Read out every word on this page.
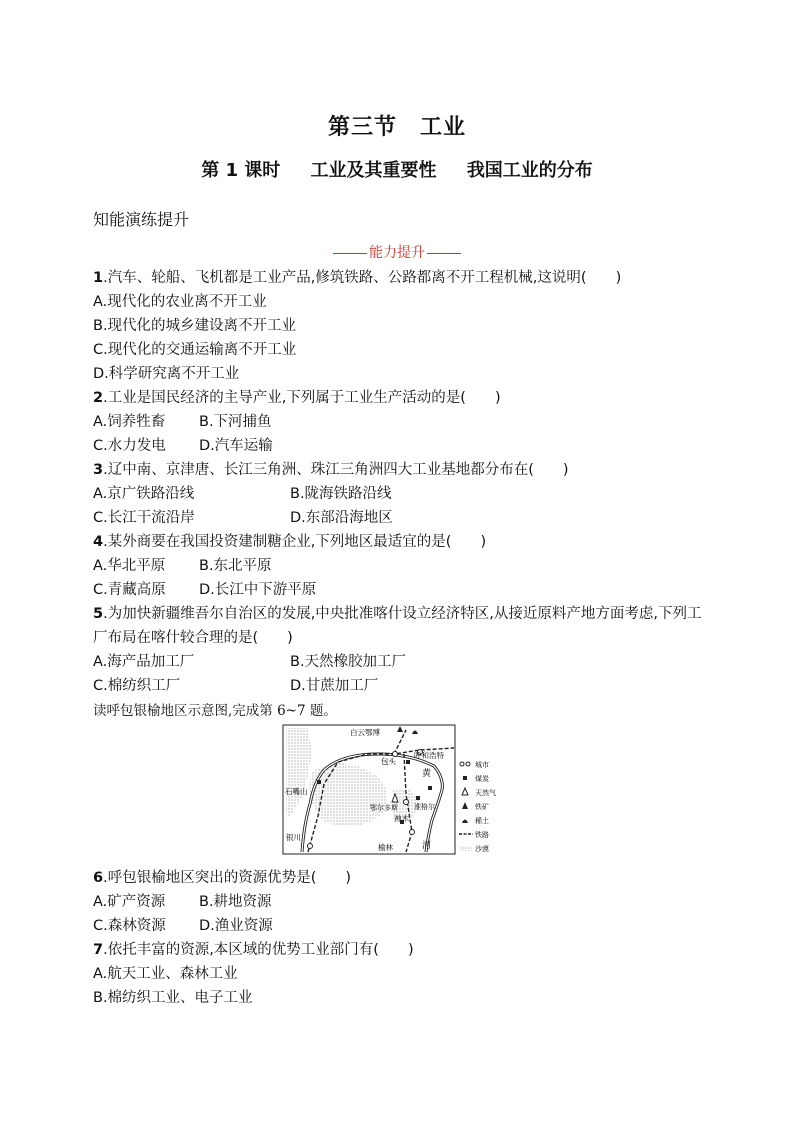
第三节　工业
第 1 课时 工业及其重要性 我国工业的分布
知能演练提升
能力提升

1.汽车、轮船、飞机都是工业产品,修筑铁路、公路都离不开工程机械,这说明(　　)

A.现代化的农业离不开工业
B.现代化的城乡建设离不开工业
C.现代化的交通运输离不开工业
D.科学研究离不开工业

2.工业是国民经济的主导产业,下列属于工业生产活动的是(　　)

A.饲养牲畜	B.下河捕鱼
C.水力发电	D.汽车运输

3.辽中南、京津唐、长江三角洲、珠江三角洲四大工业基地都分布在(　　)

A.京广铁路沿线	B.陇海铁路沿线
C.长江干流沿岸	D.东部沿海地区

4.某外商要在我国投资建制糖企业,下列地区最适宜的是(　　)

A.华北平原	B.东北平原
C.青藏高原	D.长江中下游平原

5.为加快新疆维吾尔自治区的发展,中央批准喀什设立经济特区,从接近原料产地方面考虑,下列工厂布局在喀什较合理的是(　　)

A.海产品加工厂	B.天然橡胶加工厂
C.棉纺织工厂	D.甘蔗加工厂
读呼包银榆地区示意图,完成第 6~7 题。
白云鄂博
呼和浩特
包头
石嘴山
鄂尔多斯 准格尔
神木
银川
榆林
黄
河
城市
煤炭
天然气
铁矿
稀土
铁路
沙漠

6.呼包银榆地区突出的资源优势是(　　)

A.矿产资源	B.耕地资源
C.森林资源	D.渔业资源

7.依托丰富的资源,本区域的优势工业部门有(　　)

A.航天工业、森林工业
B.棉纺织工业、电子工业
